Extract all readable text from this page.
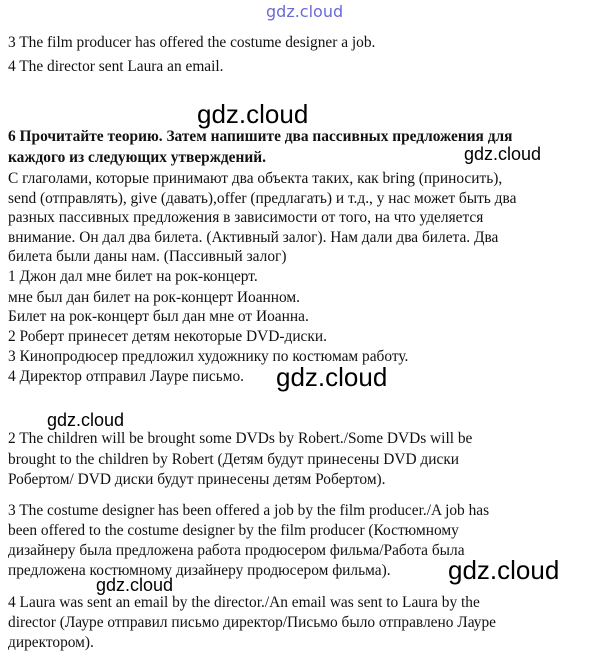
gdz.cloud
3 The film producer has offered the costume designer a job.
4 The director sent Laura an email.
6 Прочитайте теорию. Затем напишите два пассивных предложения для
каждого из следующих утверждений.
С глаголами, которые принимают два объекта таких, как bring (приносить),
send (отправлять), give (давать),offer (предлагать) и т.д., у нас может быть два
разных пассивных предложения в зависимости от того, на что уделяется
внимание. Он дал два билета. (Активный залог). Нам дали два билета. Два
билета были даны нам. (Пассивный залог)
1 Джон дал мне билет на рок-концерт.
мне был дан билет на рок-концерт Иоанном.
Билет на рок-концерт был дан мне от Иоанна.
2 Роберт принесет детям некоторые DVD-диски.
3 Кинопродюсер предложил художнику по костюмам работу.
4 Директор отправил Лауре письмо.
2 The children will be brought some DVDs by Robert./Some DVDs will be
brought to the children by Robert (Детям будут принесены DVD диски
Робертом/ DVD диски будут принесены детям Робертом).
3 The costume designer has been offered a job by the film producer./A job has
been offered to the costume designer by the film producer (Костюмному
дизайнеру была предложена работа продюсером фильма/Работа была
предложена костюмному дизайнеру продюсером фильма).
4 Laura was sent an email by the director./An email was sent to Laura by the
director (Лауре отправил письмо директор/Письмо было отправлено Лауре
директором).
gdz.cloud
gdz.cloud
gdz.cloud
gdz.cloud
gdz.cloud
gdz.cloud
